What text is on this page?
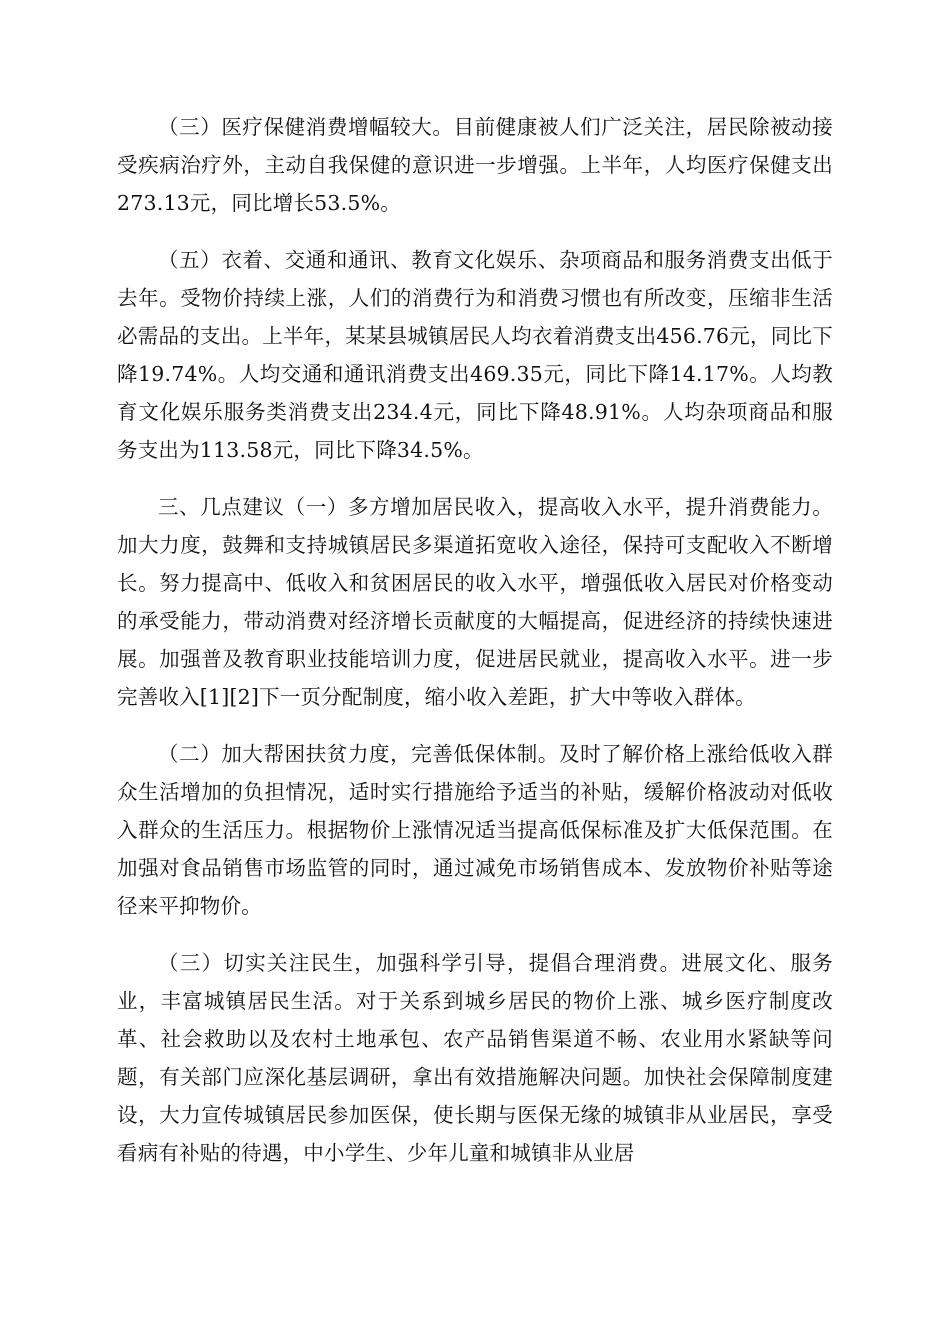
（三）医疗保健消费增幅较大。目前健康被人们广泛关注，居民除被动接受疾病治疗外，主动自我保健的意识进一步增强。上半年，人均医疗保健支出273.13元，同比增长53.5%。

（五）衣着、交通和通讯、教育文化娱乐、杂项商品和服务消费支出低于去年。受物价持续上涨，人们的消费行为和消费习惯也有所改变，压缩非生活必需品的支出。上半年，某某县城镇居民人均衣着消费支出456.76元，同比下降19.74%。人均交通和通讯消费支出469.35元，同比下降14.17%。人均教育文化娱乐服务类消费支出234.4元，同比下降48.91%。人均杂项商品和服务支出为113.58元，同比下降34.5%。

三、几点建议（一）多方增加居民收入，提高收入水平，提升消费能力。加大力度，鼓舞和支持城镇居民多渠道拓宽收入途径，保持可支配收入不断增长。努力提高中、低收入和贫困居民的收入水平，增强低收入居民对价格变动的承受能力，带动消费对经济增长贡献度的大幅提高，促进经济的持续快速进展。加强普及教育职业技能培训力度，促进居民就业，提高收入水平。进一步完善收入[1][2]下一页分配制度，缩小收入差距，扩大中等收入群体。

（二）加大帮困扶贫力度，完善低保体制。及时了解价格上涨给低收入群众生活增加的负担情况，适时实行措施给予适当的补贴，缓解价格波动对低收入群众的生活压力。根据物价上涨情况适当提高低保标准及扩大低保范围。在加强对食品销售市场监管的同时，通过减免市场销售成本、发放物价补贴等途径来平抑物价。

（三）切实关注民生，加强科学引导，提倡合理消费。进展文化、服务业，丰富城镇居民生活。对于关系到城乡居民的物价上涨、城乡医疗制度改革、社会救助以及农村土地承包、农产品销售渠道不畅、农业用水紧缺等问题，有关部门应深化基层调研，拿出有效措施解决问题。加快社会保障制度建设，大力宣传城镇居民参加医保，使长期与医保无缘的城镇非从业居民，享受看病有补贴的待遇，中小学生、少年儿童和城镇非从业居
